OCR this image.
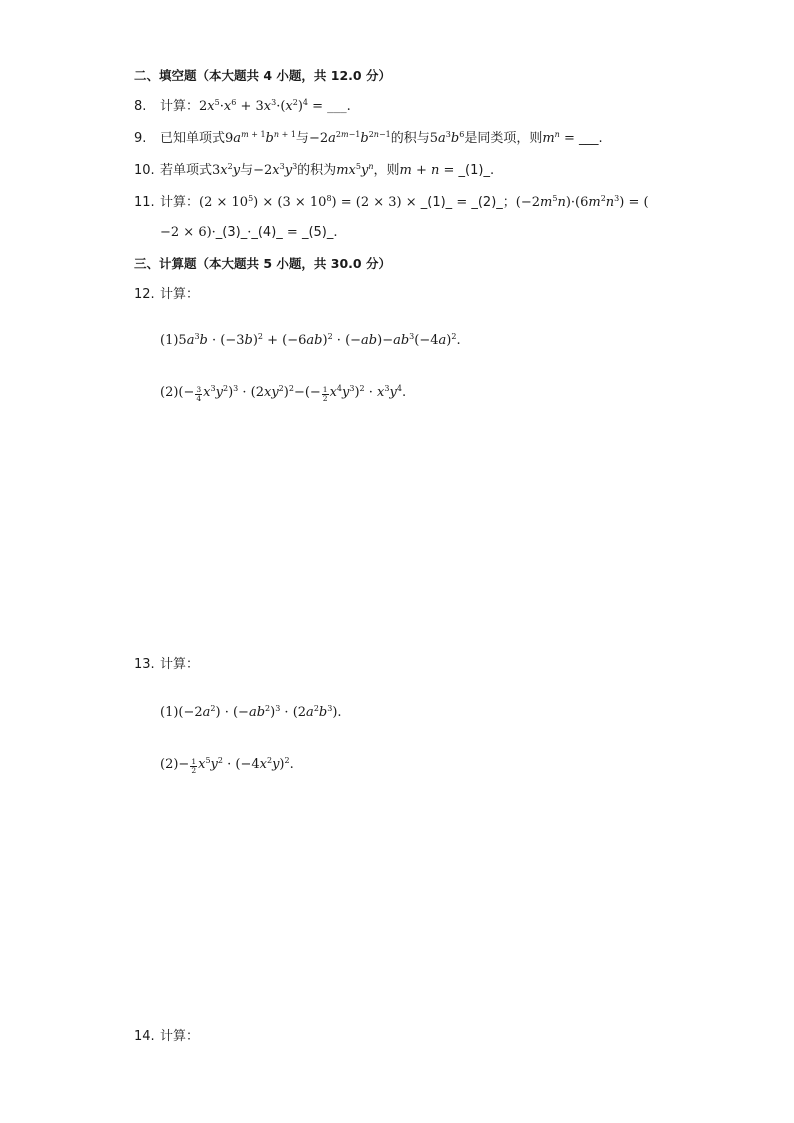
二、填空题（本大题共 4 小题，共 12.0 分）
8. 计算：$2x^5\cdot x^6 + 3x^3\cdot(x^2)^4$ = ___.
9. 已知单项式$9a^{m + 1}b^{n + 1}$与$-2a^{2m-1}b^{2n-1}$的积与$5a^3b^6$是同类项，则$m^n$ = ___.
10. 若单项式$3x^2y$与$-2x^3y^3$的积为$mx^5y^n$，则m + n = _(1)_.
11. 计算：$(2 \times 10^5) \times (3 \times 10^8) = (2 \times 3)$ × _(1)_ = _(2)_；$(-2m^5n)\cdot(6m^2n^3)$ = (
−2 × 6)·_(3)_·_(4)_ = _(5)_.
三、计算题（本大题共 5 小题，共 30.0 分）
12. 计算：
$(1)5a^3b \cdot (-3b)^2 + (-6ab)^2 \cdot (-ab)-ab^3(-4a)^2$.
$(2)(- \frac{3}{4} x^3y^2)^3 \cdot (2xy^2)^2-(- \frac{1}{2} x^4y^3)^2 \cdot x^3y^4$.
13. 计算：
$(1)(-2a^2) \cdot (-ab^2)^3 \cdot (2a^2b^3)$.
$(2)- \frac{1}{2} x^5y^2 \cdot (-4x^2y)^2$.
14. 计算：
